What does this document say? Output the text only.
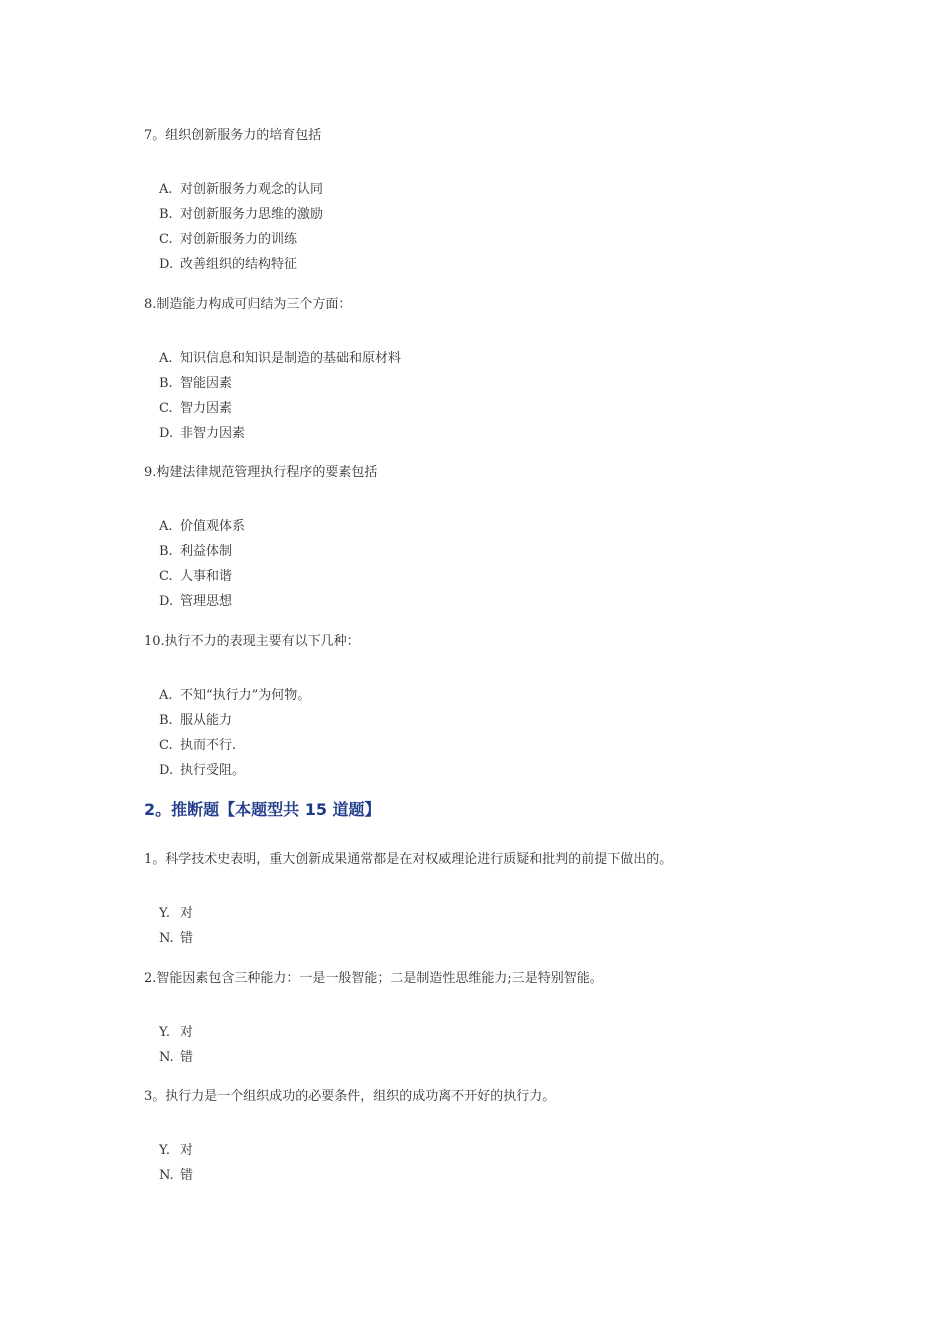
7。组织创新服务力的培育包括
A. 对创新服务力观念的认同
B. 对创新服务力思维的激励
C. 对创新服务力的训练
D. 改善组织的结构特征
8.制造能力构成可归结为三个方面：
A. 知识信息和知识是制造的基础和原材料
B. 智能因素
C. 智力因素
D. 非智力因素
9.构建法律规范管理执行程序的要素包括
A. 价值观体系
B. 利益体制
C. 人事和谐
D. 管理思想
10.执行不力的表现主要有以下几种：
A. 不知“执行力”为何物。
B. 服从能力
C. 执而不行.
D. 执行受阻。
2。推断题【本题型共 15 道题】
1。科学技术史表明，重大创新成果通常都是在对权威理论进行质疑和批判的前提下做出的。
Y. 对
N. 错
2.智能因素包含三种能力：一是一般智能；二是制造性思维能力;三是特别智能。
Y. 对
N. 错
3。执行力是一个组织成功的必要条件，组织的成功离不开好的执行力。
Y. 对
N. 错
